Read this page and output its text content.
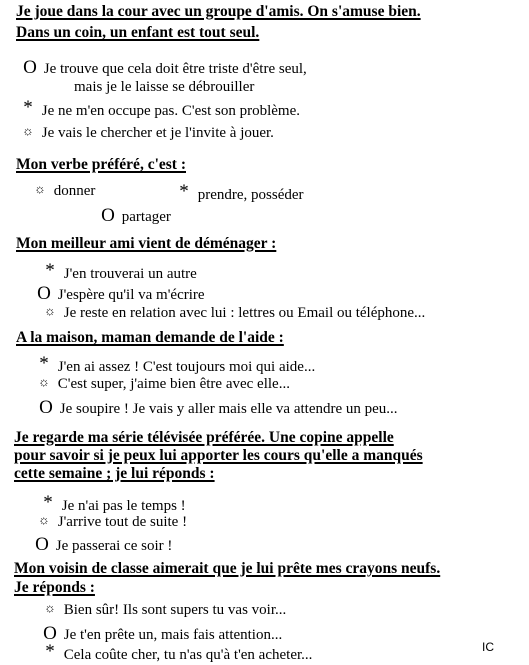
Je joue dans la cour avec un groupe d'amis. On s'amuse bien.
Dans un coin, un enfant est tout seul.
O Je trouve que cela doit être triste d'être seul,
mais je le laisse se débrouiller
* Je ne m'en occupe pas. C'est son problème.
☼ Je vais le chercher et je l'invite à jouer.
Mon verbe préféré, c'est :
☼ donner	* prendre, posséder
O partager
Mon meilleur ami vient de déménager :
* J'en trouverai un autre
O J'espère qu'il va m'écrire
☼ Je reste en relation avec lui : lettres ou Email ou téléphone...
A la maison, maman demande de l'aide :
* J'en ai assez ! C'est toujours moi qui aide...
☼ C'est super, j'aime bien être avec elle...
O Je soupire ! Je vais y aller mais elle va attendre un peu...
Je regarde ma série télévisée préférée. Une copine appelle
pour savoir si je peux lui apporter les cours qu'elle a manqués
cette semaine ; je lui réponds :
* Je n'ai pas le temps !
☼ J'arrive tout de suite !
O Je passerai ce soir !
Mon voisin de classe aimerait que je lui prête mes crayons neufs.
Je réponds :
☼ Bien sûr! Ils sont supers tu vas voir...
O Je t'en prête un, mais fais attention...
* Cela coûte cher, tu n'as qu'à t'en acheter...	IC
